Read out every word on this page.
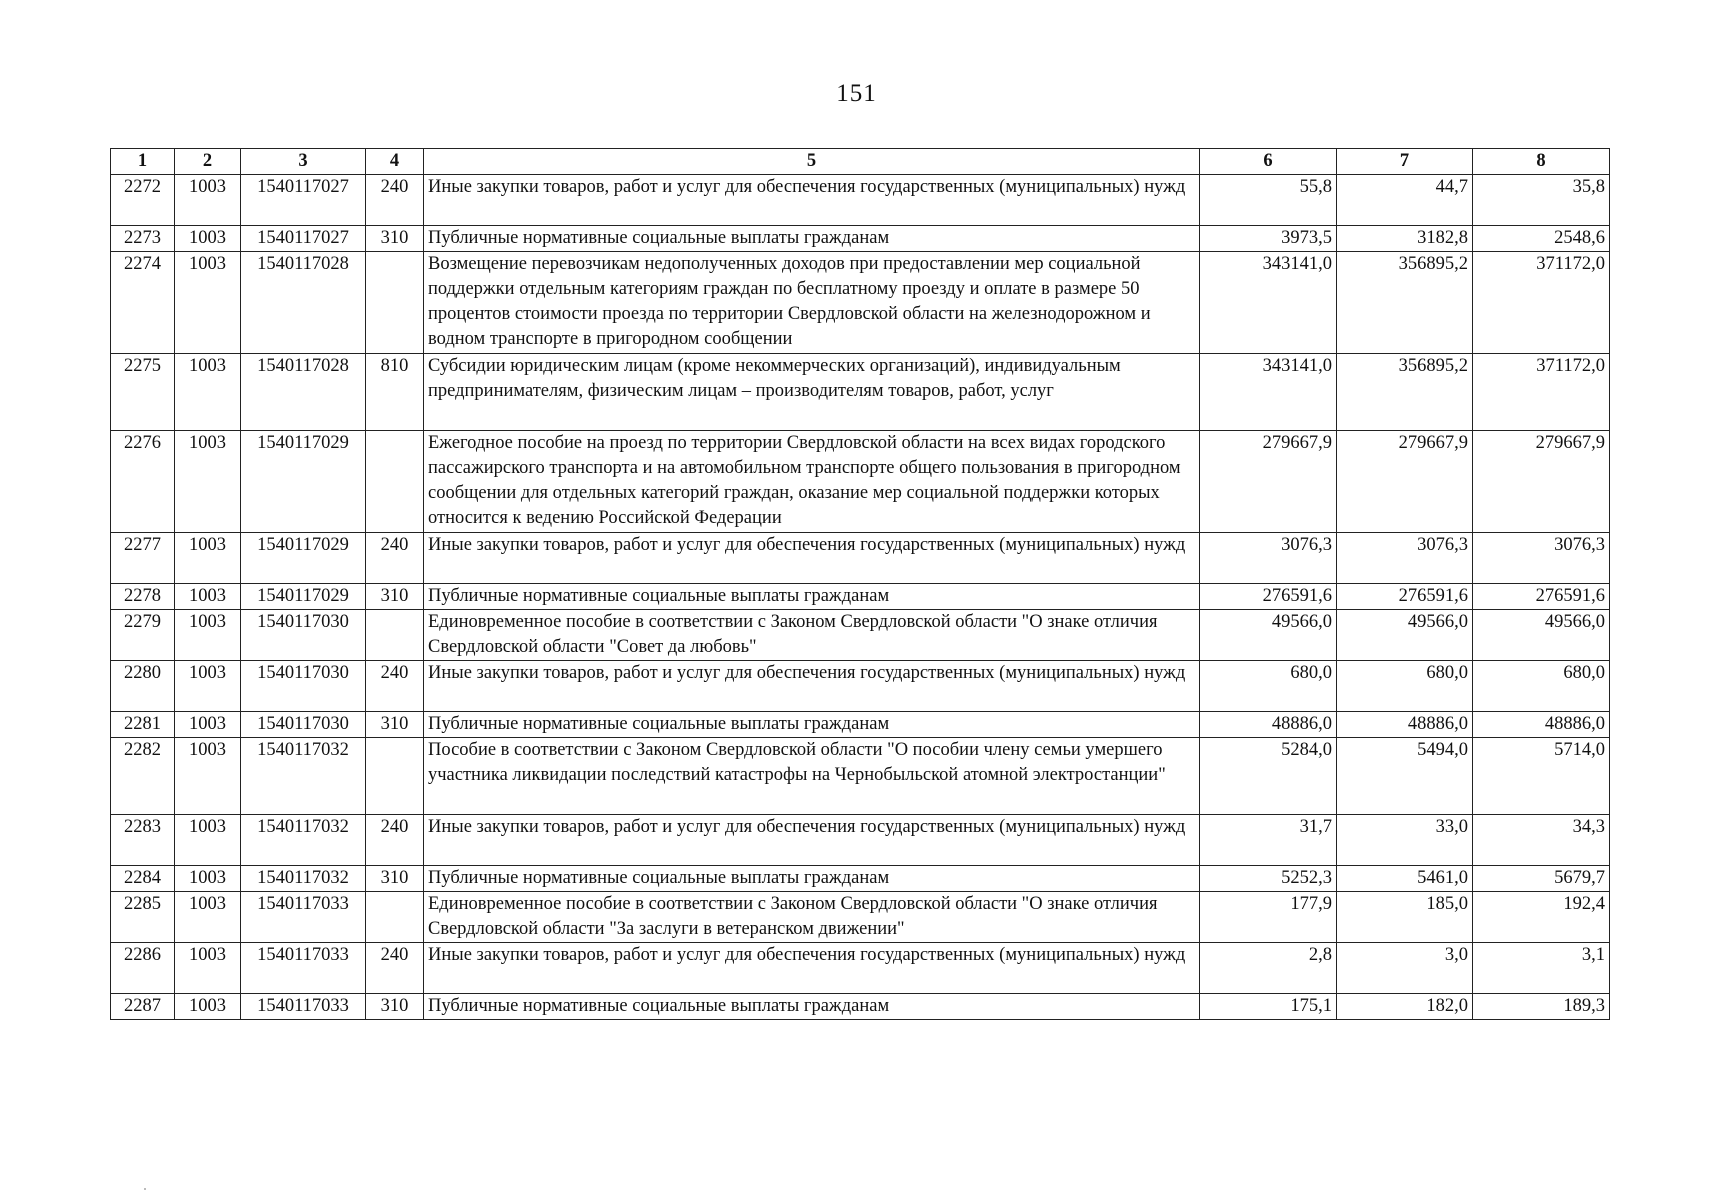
151
1	2	3	4	5	6	7	8
2272	1003	1540117027	240	Иные закупки товаров, работ и услуг для обеспечения государственных (муниципальных) нужд	55,8	44,7	35,8
2273	1003	1540117027	310	Публичные нормативные социальные выплаты гражданам	3973,5	3182,8	2548,6
2274	1003	1540117028		Возмещение перевозчикам недополученных доходов при предоставлении мер социальной поддержки отдельным категориям граждан по бесплатному проезду и оплате в размере 50 процентов стоимости проезда по территории Свердловской области на железнодорожном и водном транспорте в пригородном сообщении	343141,0	356895,2	371172,0
2275	1003	1540117028	810	Субсидии юридическим лицам (кроме некоммерческих организаций), индивидуальным предпринимателям, физическим лицам – производителям товаров, работ, услуг	343141,0	356895,2	371172,0
2276	1003	1540117029		Ежегодное пособие на проезд по территории Свердловской области на всех видах городского пассажирского транспорта и на автомобильном транспорте общего пользования в пригородном сообщении для отдельных категорий граждан, оказание мер социальной поддержки которых относится к ведению Российской Федерации	279667,9	279667,9	279667,9
2277	1003	1540117029	240	Иные закупки товаров, работ и услуг для обеспечения государственных (муниципальных) нужд	3076,3	3076,3	3076,3
2278	1003	1540117029	310	Публичные нормативные социальные выплаты гражданам	276591,6	276591,6	276591,6
2279	1003	1540117030		Единовременное пособие в соответствии с Законом Свердловской области "О знаке отличия Свердловской области "Совет да любовь"	49566,0	49566,0	49566,0
2280	1003	1540117030	240	Иные закупки товаров, работ и услуг для обеспечения государственных (муниципальных) нужд	680,0	680,0	680,0
2281	1003	1540117030	310	Публичные нормативные социальные выплаты гражданам	48886,0	48886,0	48886,0
2282	1003	1540117032		Пособие в соответствии с Законом Свердловской области "О пособии члену семьи умершего участника ликвидации последствий катастрофы на Чернобыльской атомной электростанции"	5284,0	5494,0	5714,0
2283	1003	1540117032	240	Иные закупки товаров, работ и услуг для обеспечения государственных (муниципальных) нужд	31,7	33,0	34,3
2284	1003	1540117032	310	Публичные нормативные социальные выплаты гражданам	5252,3	5461,0	5679,7
2285	1003	1540117033		Единовременное пособие в соответствии с Законом Свердловской области "О знаке отличия Свердловской области "За заслуги в ветеранском движении"	177,9	185,0	192,4
2286	1003	1540117033	240	Иные закупки товаров, работ и услуг для обеспечения государственных (муниципальных) нужд	2,8	3,0	3,1
2287	1003	1540117033	310	Публичные нормативные социальные выплаты гражданам	175,1	182,0	189,3
